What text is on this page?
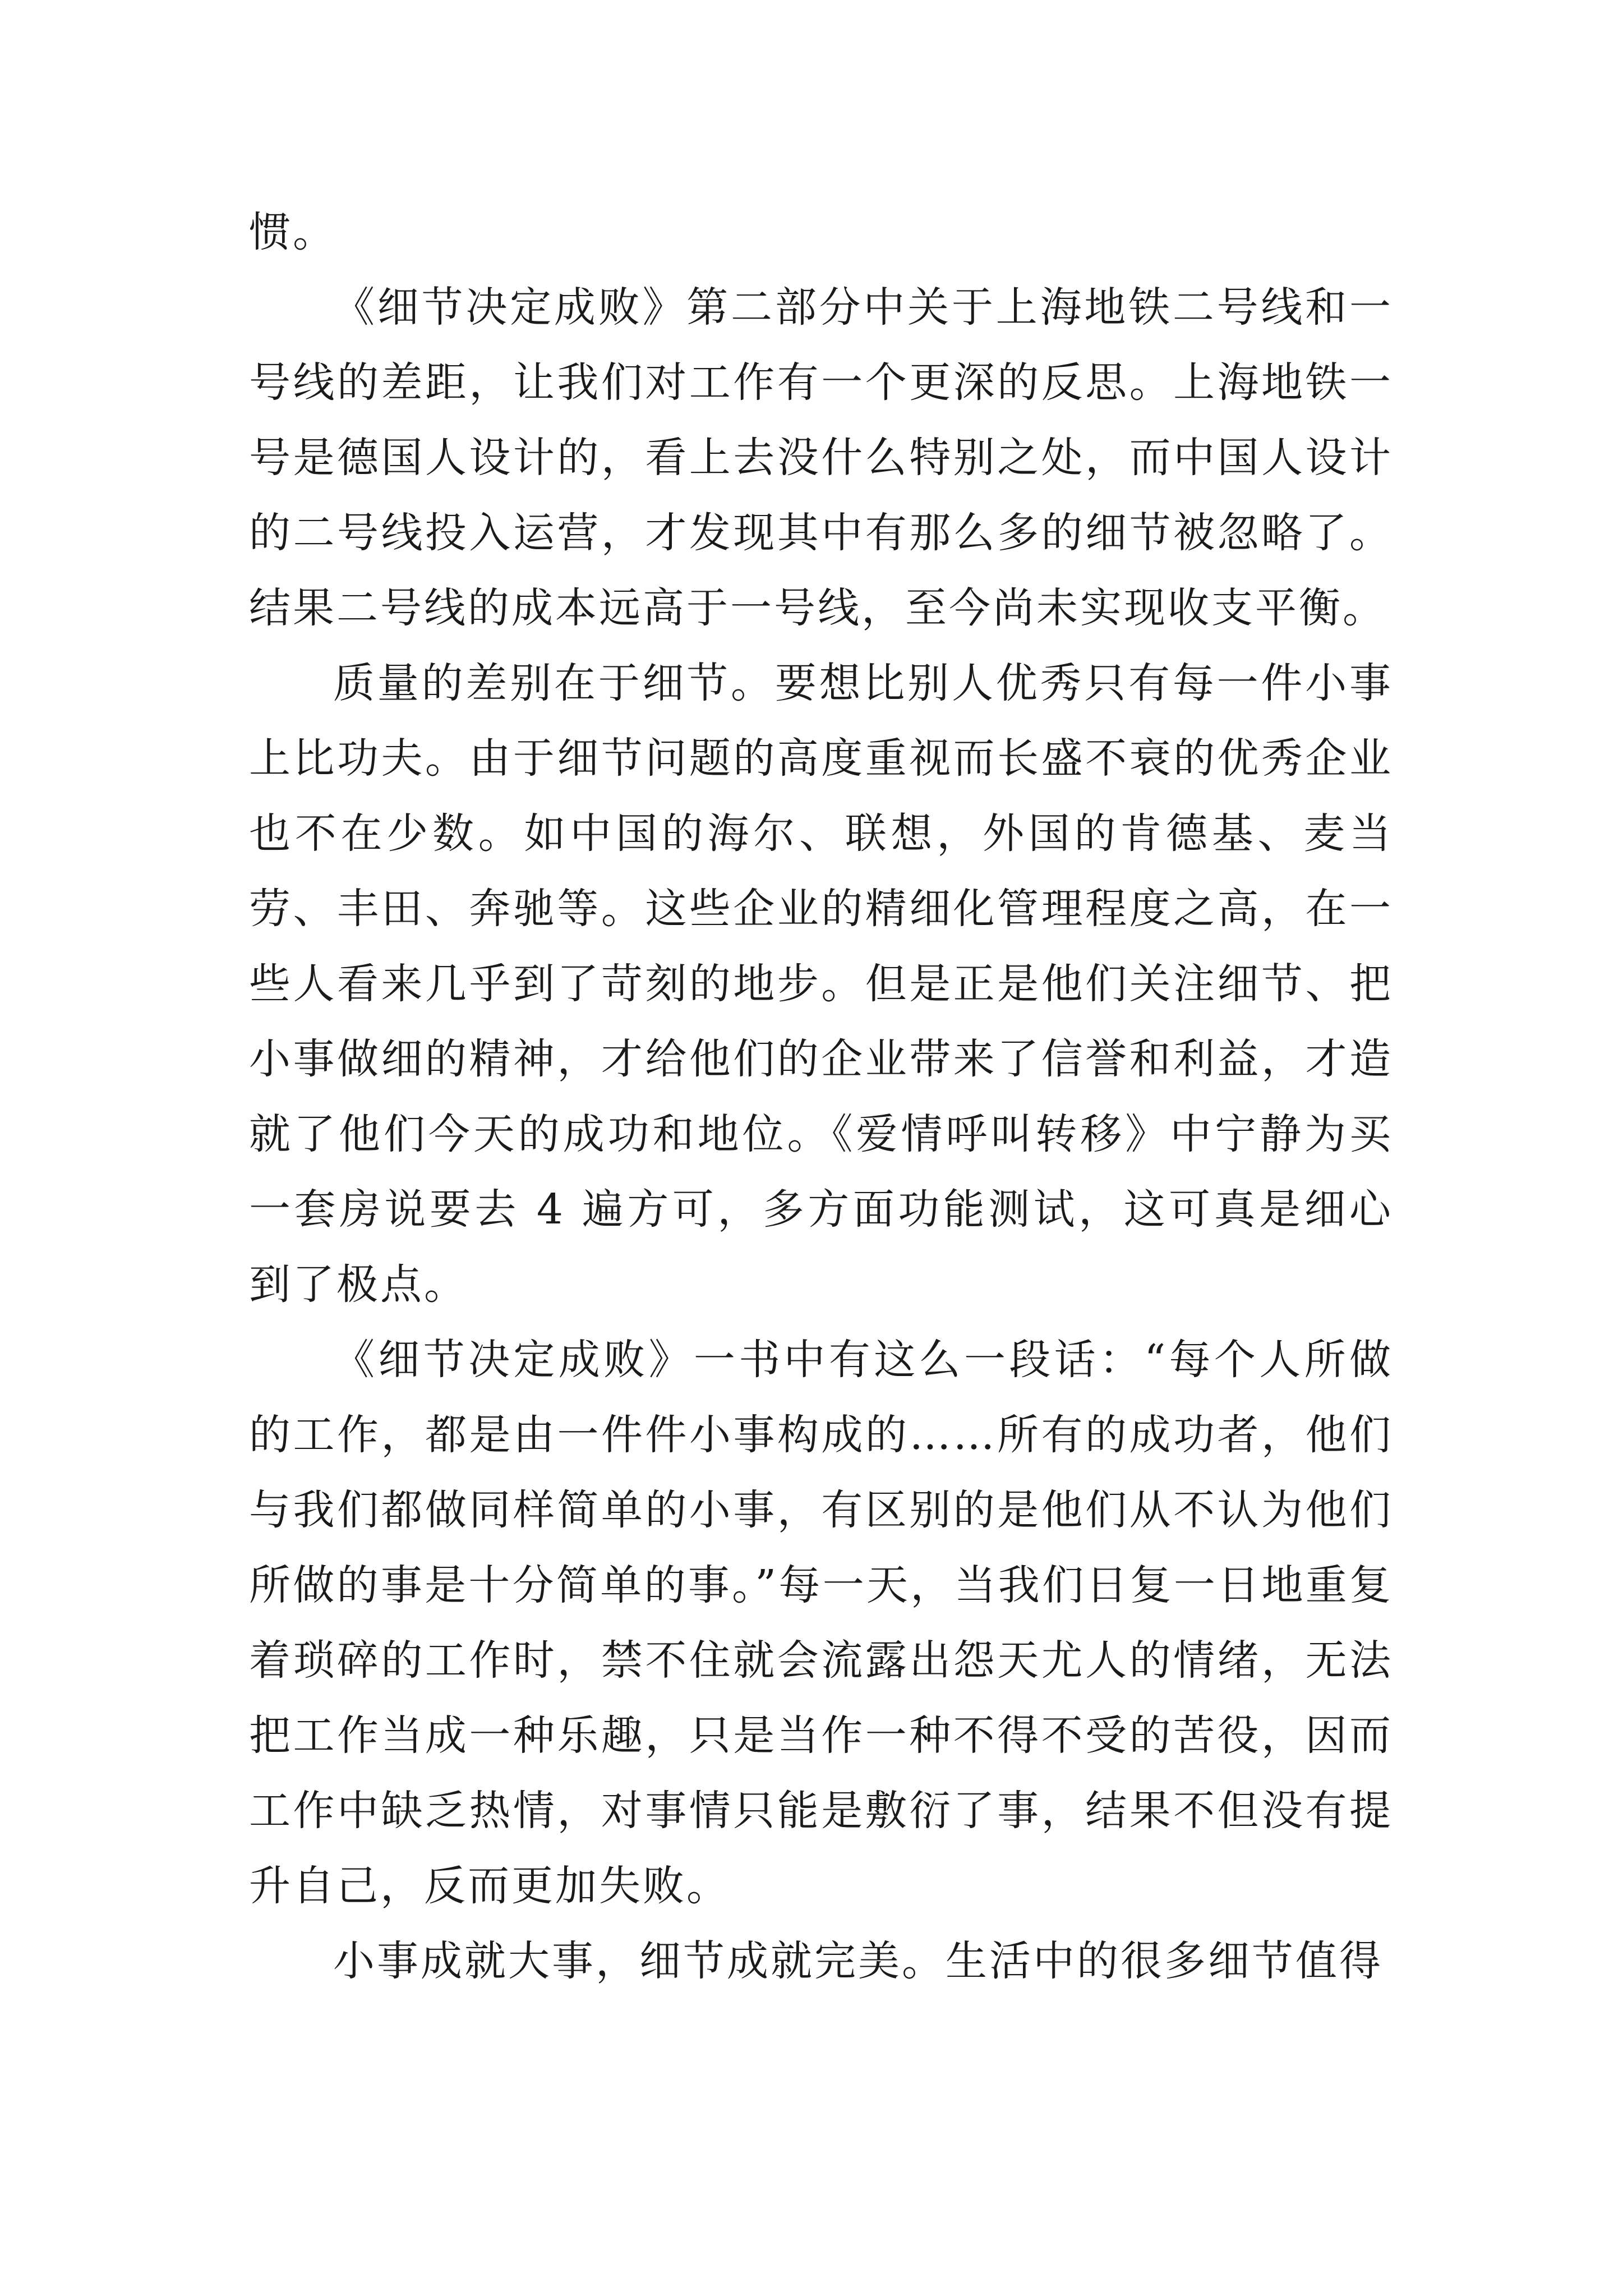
惯。

《细节决定成败》第二部分中关于上海地铁二号线和一号线的差距，让我们对工作有一个更深的反思。上海地铁一号是德国人设计的，看上去没什么特别之处，而中国人设计的二号线投入运营，才发现其中有那么多的细节被忽略了。结果二号线的成本远高于一号线，至今尚未实现收支平衡。

质量的差别在于细节。要想比别人优秀只有每一件小事上比功夫。由于细节问题的高度重视而长盛不衰的优秀企业也不在少数。如中国的海尔、联想，外国的肯德基、麦当劳、丰田、奔驰等。这些企业的精细化管理程度之高，在一些人看来几乎到了苛刻的地步。但是正是他们关注细节、把小事做细的精神，才给他们的企业带来了信誉和利益，才造就了他们今天的成功和地位。《爱情呼叫转移》中宁静为买一套房说要去 4 遍方可，多方面功能测试，这可真是细心到了极点。

《细节决定成败》一书中有这么一段话：“每个人所做的工作，都是由一件件小事构成的……所有的成功者，他们与我们都做同样简单的小事，有区别的是他们从不认为他们所做的事是十分简单的事。”每一天，当我们日复一日地重复着琐碎的工作时，禁不住就会流露出怨天尤人的情绪，无法把工作当成一种乐趣，只是当作一种不得不受的苦役，因而工作中缺乏热情，对事情只能是敷衍了事，结果不但没有提升自己，反而更加失败。

小事成就大事，细节成就完美。生活中的很多细节值得
